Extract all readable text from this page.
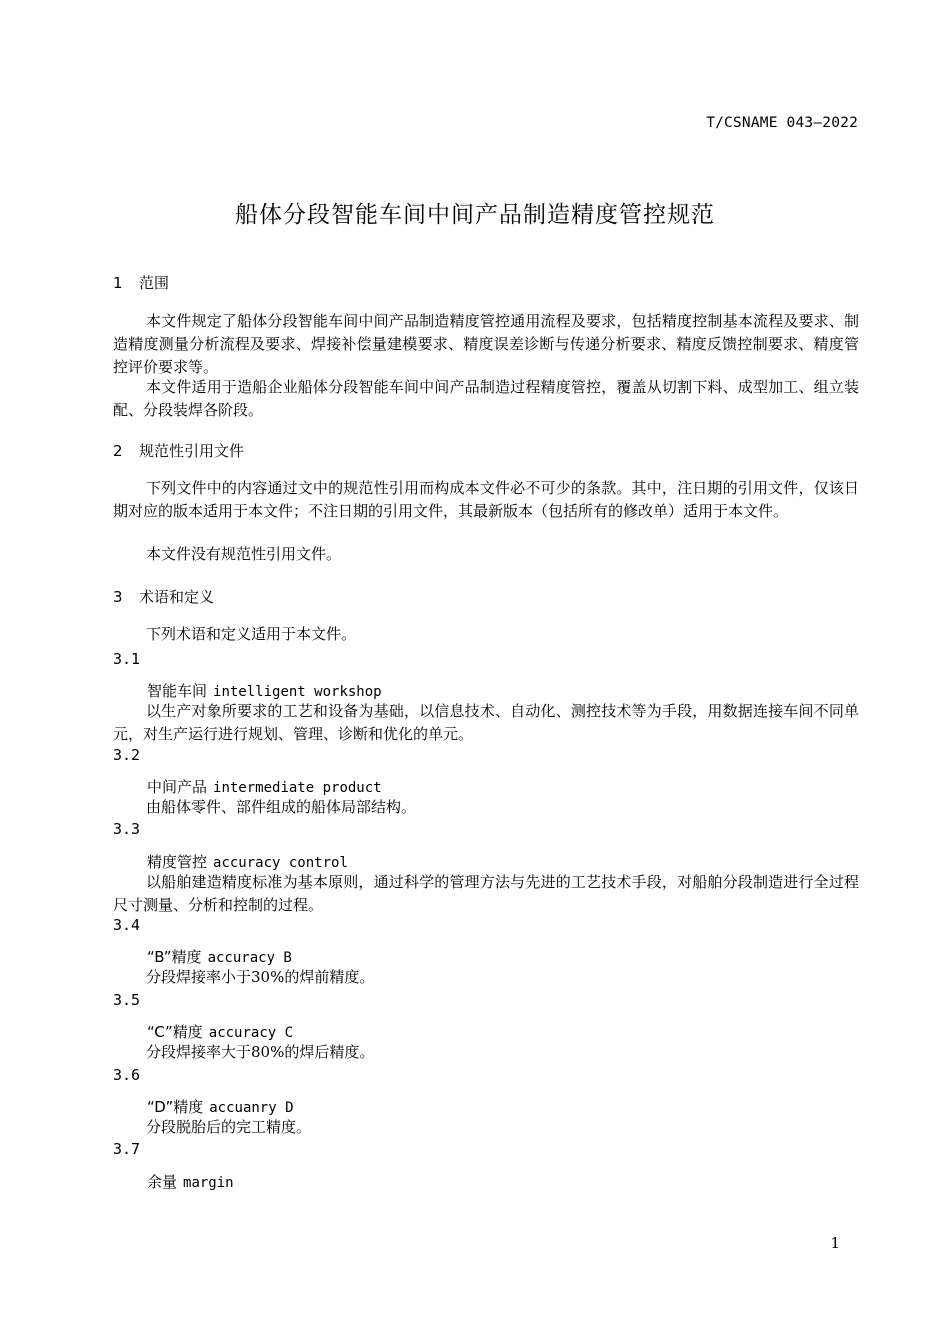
T/CSNAME 043—2022
船体分段智能车间中间产品制造精度管控规范
1 范围

本文件规定了船体分段智能车间中间产品制造精度管控通用流程及要求，包括精度控制基本流程及要求、制造精度测量分析流程及要求、焊接补偿量建模要求、精度误差诊断与传递分析要求、精度反馈控制要求、精度管控评价要求等。

本文件适用于造船企业船体分段智能车间中间产品制造过程精度管控，覆盖从切割下料、成型加工、组立装配、分段装焊各阶段。

2 规范性引用文件

下列文件中的内容通过文中的规范性引用而构成本文件必不可少的条款。其中，注日期的引用文件，仅该日期对应的版本适用于本文件；不注日期的引用文件，其最新版本（包括所有的修改单）适用于本文件。

本文件没有规范性引用文件。

3 术语和定义

下列术语和定义适用于本文件。

3.1
智能车间 intelligent workshop

以生产对象所要求的工艺和设备为基础，以信息技术、自动化、测控技术等为手段，用数据连接车间不同单元，对生产运行进行规划、管理、诊断和优化的单元。

3.2
中间产品 intermediate product

由船体零件、部件组成的船体局部结构。

3.3
精度管控 accuracy control

以船舶建造精度标准为基本原则，通过科学的管理方法与先进的工艺技术手段，对船舶分段制造进行全过程尺寸测量、分析和控制的过程。

3.4
“B”精度 accuracy B

分段焊接率小于30%的焊前精度。

3.5
“C”精度 accuracy C

分段焊接率大于80%的焊后精度。

3.6
“D”精度 accuanry D

分段脱胎后的完工精度。

3.7
余量 margin
1
